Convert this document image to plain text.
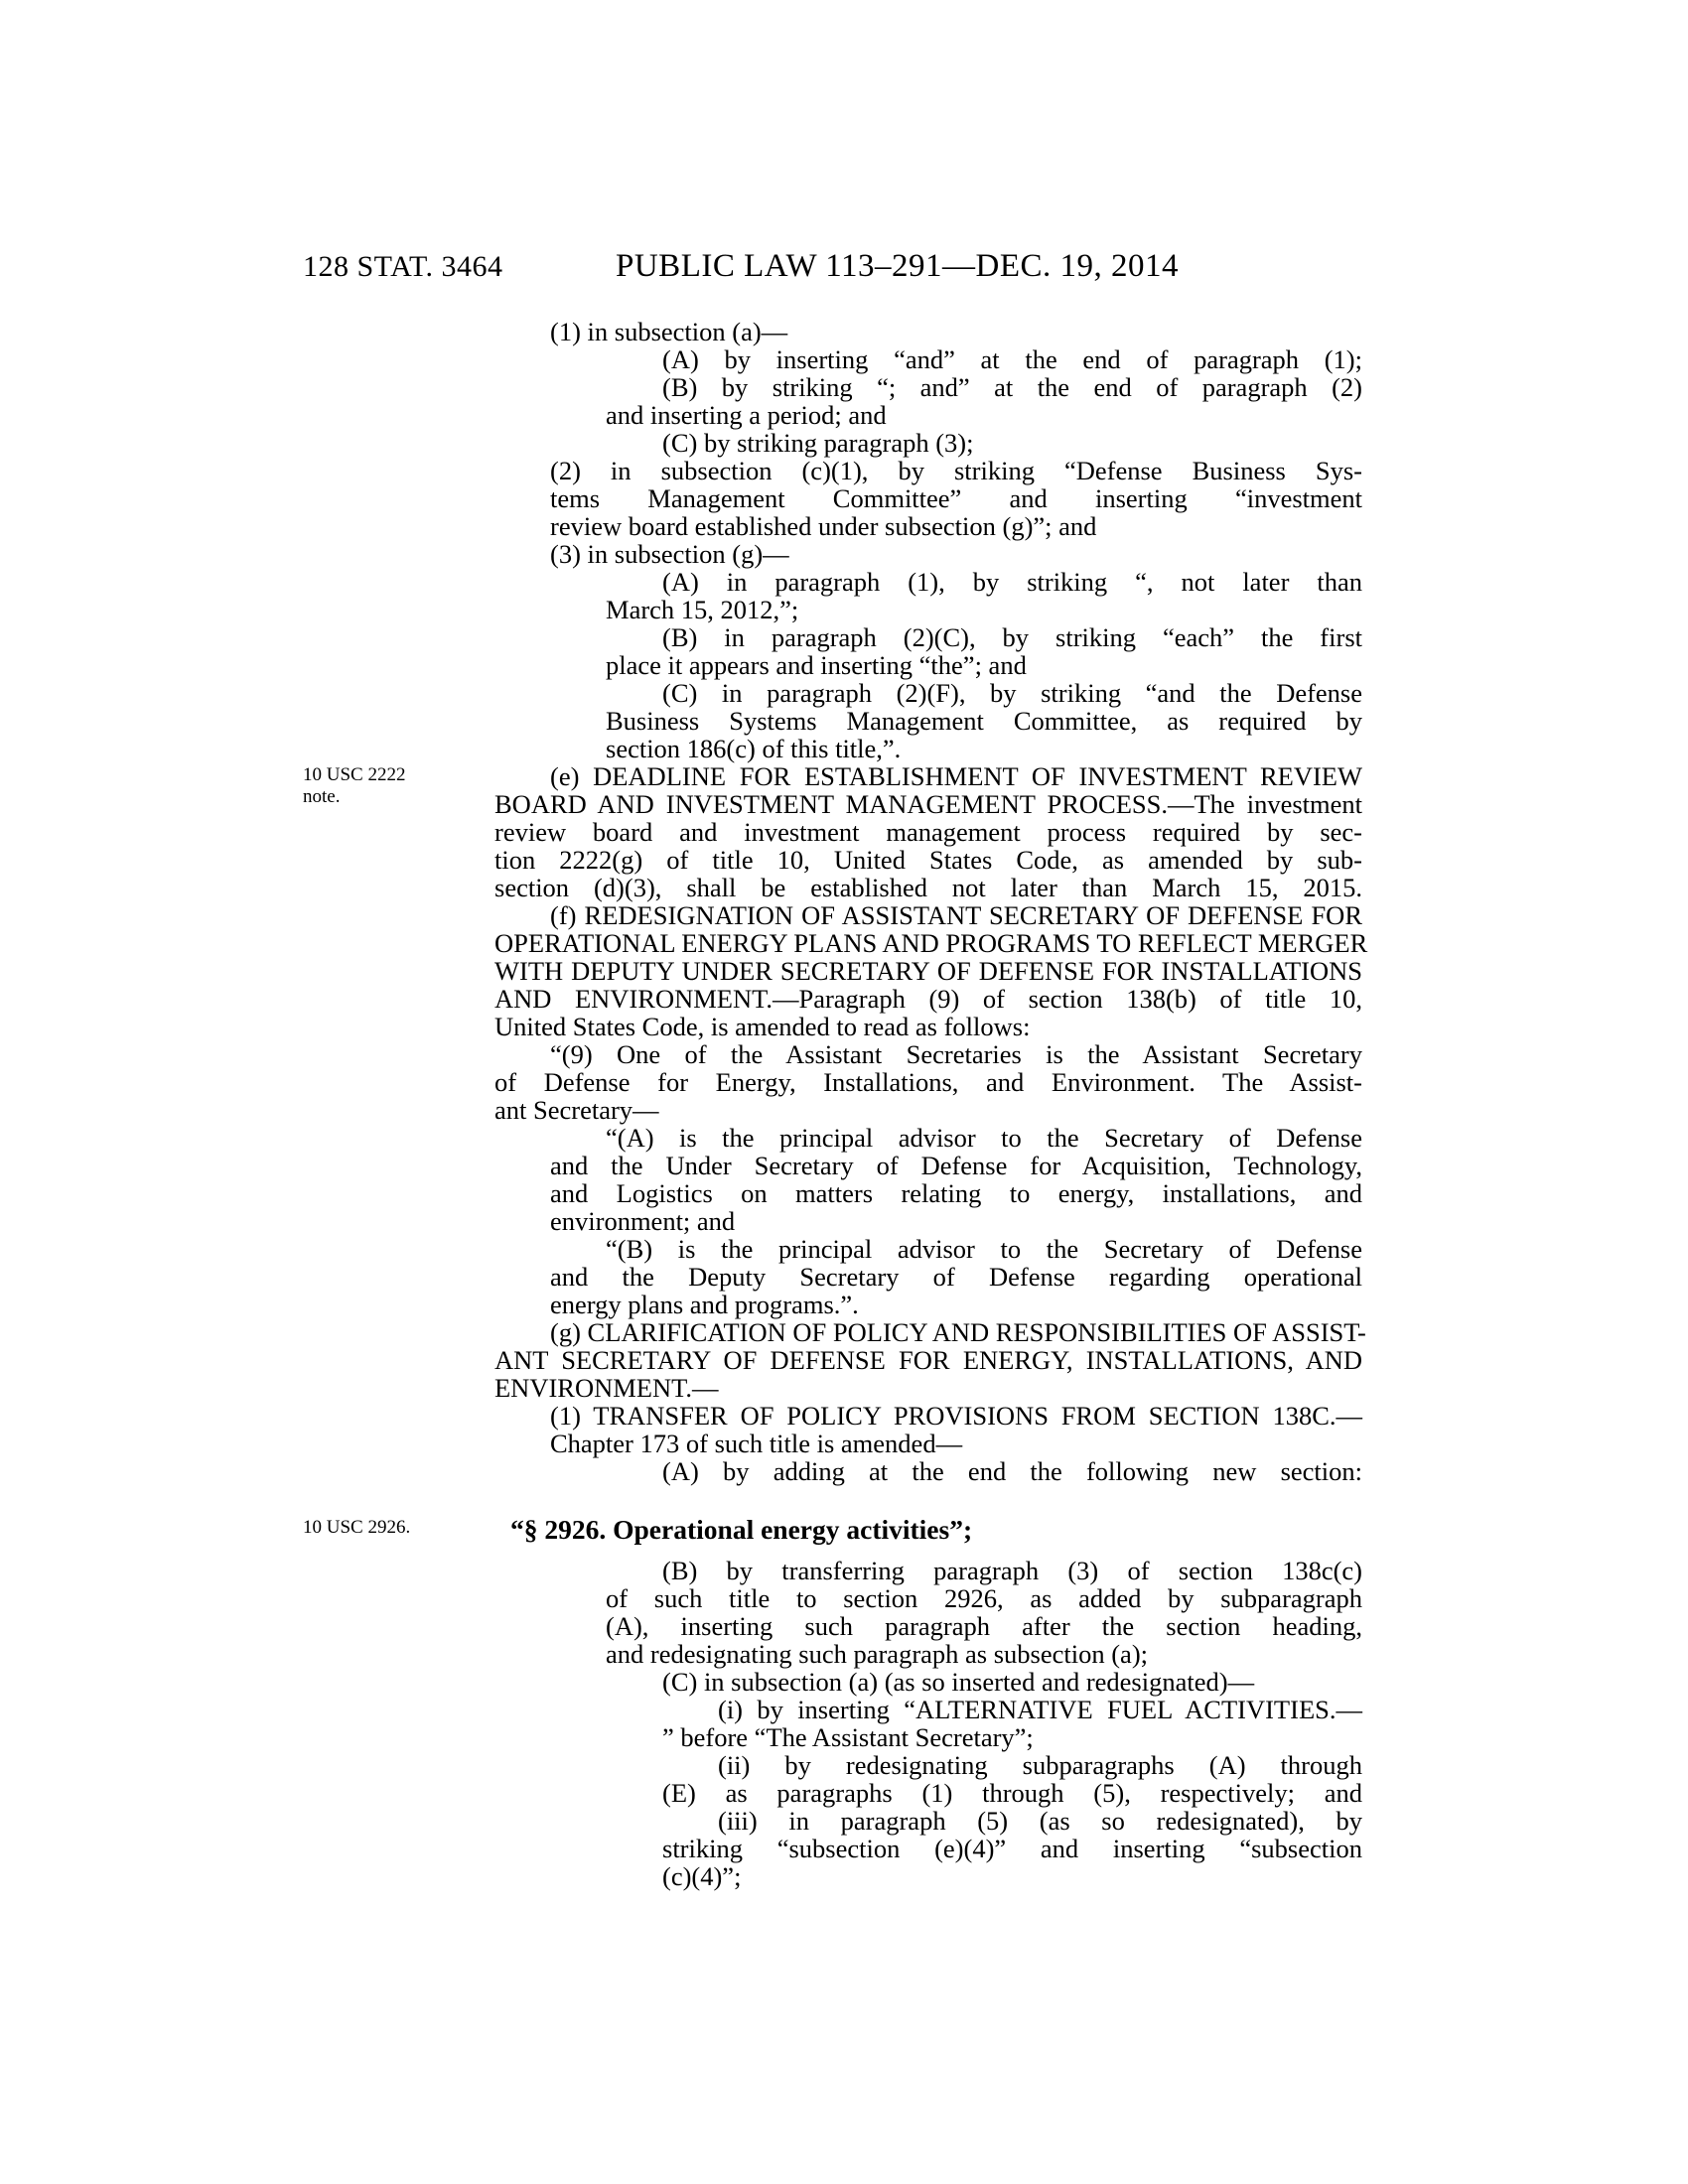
128 STAT. 3464	PUBLIC LAW 113–291—DEC. 19, 2014
10 USC 2222
note.
10 USC 2926.
(1) in subsection (a)—
(A) by inserting “and” at the end of paragraph (1);
(B) by striking “; and” at the end of paragraph (2)
and inserting a period; and
(C) by striking paragraph (3);
(2) in subsection (c)(1), by striking “Defense Business Sys-
tems Management Committee” and inserting “investment
review board established under subsection (g)”; and
(3) in subsection (g)—
(A) in paragraph (1), by striking “, not later than
March 15, 2012,”;
(B) in paragraph (2)(C), by striking “each” the first
place it appears and inserting “the”; and
(C) in paragraph (2)(F), by striking “and the Defense
Business Systems Management Committee, as required by
section 186(c) of this title,”.
(e) DEADLINE FOR ESTABLISHMENT OF INVESTMENT REVIEW
BOARD AND INVESTMENT MANAGEMENT PROCESS.—The investment
review board and investment management process required by sec-
tion 2222(g) of title 10, United States Code, as amended by sub-
section (d)(3), shall be established not later than March 15, 2015.
(f) REDESIGNATION OF ASSISTANT SECRETARY OF DEFENSE FOR
OPERATIONAL ENERGY PLANS AND PROGRAMS TO REFLECT MERGER
WITH DEPUTY UNDER SECRETARY OF DEFENSE FOR INSTALLATIONS
AND ENVIRONMENT.—Paragraph (9) of section 138(b) of title 10,
United States Code, is amended to read as follows:
“(9) One of the Assistant Secretaries is the Assistant Secretary
of Defense for Energy, Installations, and Environment. The Assist-
ant Secretary—
“(A) is the principal advisor to the Secretary of Defense
and the Under Secretary of Defense for Acquisition, Technology,
and Logistics on matters relating to energy, installations, and
environment; and
“(B) is the principal advisor to the Secretary of Defense
and the Deputy Secretary of Defense regarding operational
energy plans and programs.”.
(g) CLARIFICATION OF POLICY AND RESPONSIBILITIES OF ASSIST-
ANT SECRETARY OF DEFENSE FOR ENERGY, INSTALLATIONS, AND
ENVIRONMENT.—
(1) TRANSFER OF POLICY PROVISIONS FROM SECTION 138C.—
Chapter 173 of such title is amended—
(A) by adding at the end the following new section:
“§ 2926. Operational energy activities”;
(B) by transferring paragraph (3) of section 138c(c)
of such title to section 2926, as added by subparagraph
(A), inserting such paragraph after the section heading,
and redesignating such paragraph as subsection (a);
(C) in subsection (a) (as so inserted and redesignated)—
(i) by inserting “ALTERNATIVE FUEL ACTIVITIES.—
” before “The Assistant Secretary”;
(ii) by redesignating subparagraphs (A) through
(E) as paragraphs (1) through (5), respectively; and
(iii) in paragraph (5) (as so redesignated), by
striking “subsection (e)(4)” and inserting “subsection
(c)(4)”;
